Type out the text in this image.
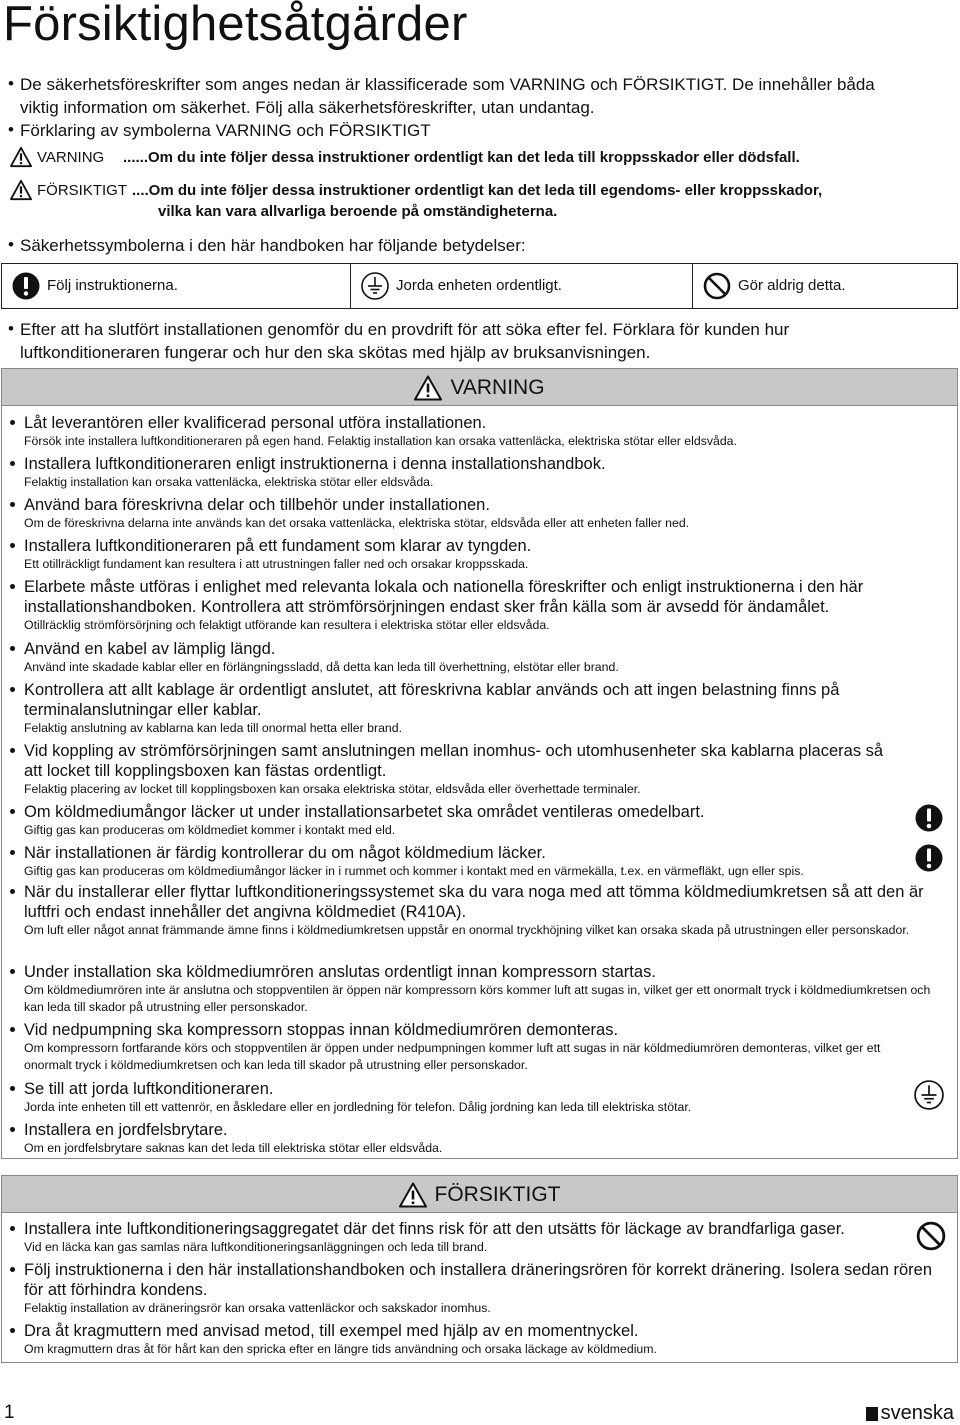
Försiktighetsåtgärder
• De säkerhetsföreskrifter som anges nedan är klassificerade som VARNING och FÖRSIKTIGT. De innehåller båda
viktig information om säkerhet. Följ alla säkerhetsföreskrifter, utan undantag.
• Förklaring av symbolerna VARNING och FÖRSIKTIGT
VARNING ......Om du inte följer dessa instruktioner ordentligt kan det leda till kroppsskador eller dödsfall.
FÖRSIKTIGT ....Om du inte följer dessa instruktioner ordentligt kan det leda till egendoms- eller kroppsskador,
vilka kan vara allvarliga beroende på omständigheterna.
• Säkerhetssymbolerna i den här handboken har följande betydelser:
Följ instruktionerna.	Jorda enheten ordentligt.	Gör aldrig detta.
• Efter att ha slutfört installationen genomför du en provdrift för att söka efter fel. Förklara för kunden hur
luftkonditioneraren fungerar och hur den ska skötas med hjälp av bruksanvisningen.
VARNING
Låt leverantören eller kvalificerad personal utföra installationen.
Försök inte installera luftkonditioneraren på egen hand. Felaktig installation kan orsaka vattenläcka, elektriska stötar eller eldsvåda.
Installera luftkonditioneraren enligt instruktionerna i denna installationshandbok.
Felaktig installation kan orsaka vattenläcka, elektriska stötar eller eldsvåda.
Använd bara föreskrivna delar och tillbehör under installationen.
Om de föreskrivna delarna inte används kan det orsaka vattenläcka, elektriska stötar, eldsvåda eller att enheten faller ned.
Installera luftkonditioneraren på ett fundament som klarar av tyngden.
Ett otillräckligt fundament kan resultera i att utrustningen faller ned och orsakar kroppsskada.
Elarbete måste utföras i enlighet med relevanta lokala och nationella föreskrifter och enligt instruktionerna i den här installationshandboken. Kontrollera att strömförsörjningen endast sker från källa som är avsedd för ändamålet.
Otillräcklig strömförsörjning och felaktigt utförande kan resultera i elektriska stötar eller eldsvåda.
Använd en kabel av lämplig längd.
Använd inte skadade kablar eller en förlängningssladd, då detta kan leda till överhettning, elstötar eller brand.
Kontrollera att allt kablage är ordentligt anslutet, att föreskrivna kablar används och att ingen belastning finns på terminalanslutningar eller kablar.
Felaktig anslutning av kablarna kan leda till onormal hetta eller brand.
Vid koppling av strömförsörjningen samt anslutningen mellan inomhus- och utomhusenheter ska kablarna placeras så att locket till kopplingsboxen kan fästas ordentligt.
Felaktig placering av locket till kopplingsboxen kan orsaka elektriska stötar, eldsvåda eller överhettade terminaler.
Om köldmediumångor läcker ut under installationsarbetet ska området ventileras omedelbart.
Giftig gas kan produceras om köldmediet kommer i kontakt med eld.
När installationen är färdig kontrollerar du om något köldmedium läcker.
Giftig gas kan produceras om köldmediumångor läcker in i rummet och kommer i kontakt med en värmekälla, t.ex. en värmefläkt, ugn eller spis.
När du installerar eller flyttar luftkonditioneringssystemet ska du vara noga med att tömma köldmediumkretsen så att den är luftfri och endast innehåller det angivna köldmediet (R410A).
Om luft eller något annat främmande ämne finns i köldmediumkretsen uppstår en onormal tryckhöjning vilket kan orsaka skada på utrustningen eller personskador.
Under installation ska köldmediumrören anslutas ordentligt innan kompressorn startas.
Om köldmediumrören inte är anslutna och stoppventilen är öppen när kompressorn körs kommer luft att sugas in, vilket ger ett onormalt tryck i köldmediumkretsen och kan leda till skador på utrustning eller personskador.
Vid nedpumpning ska kompressorn stoppas innan köldmediumrören demonteras.
Om kompressorn fortfarande körs och stoppventilen är öppen under nedpumpningen kommer luft att sugas in när köldmediumrören demonteras, vilket ger ett onormalt tryck i köldmediumkretsen och kan leda till skador på utrustning eller personskador.
Se till att jorda luftkonditioneraren.
Jorda inte enheten till ett vattenrör, en åskledare eller en jordledning för telefon. Dålig jordning kan leda till elektriska stötar.
Installera en jordfelsbrytare.
Om en jordfelsbrytare saknas kan det leda till elektriska stötar eller eldsvåda.
FÖRSIKTIGT
Installera inte luftkonditioneringsaggregatet där det finns risk för att den utsätts för läckage av brandfarliga gaser.
Vid en läcka kan gas samlas nära luftkonditioneringsanläggningen och leda till brand.
Följ instruktionerna i den här installationshandboken och installera dräneringsrören för korrekt dränering. Isolera sedan rören för att förhindra kondens.
Felaktig installation av dräneringsrör kan orsaka vattenläckor och sakskador inomhus.
Dra åt kragmuttern med anvisad metod, till exempel med hjälp av en momentnyckel.
Om kragmuttern dras åt för hårt kan den spricka efter en längre tids användning och orsaka läckage av köldmedium.
1	svenska
